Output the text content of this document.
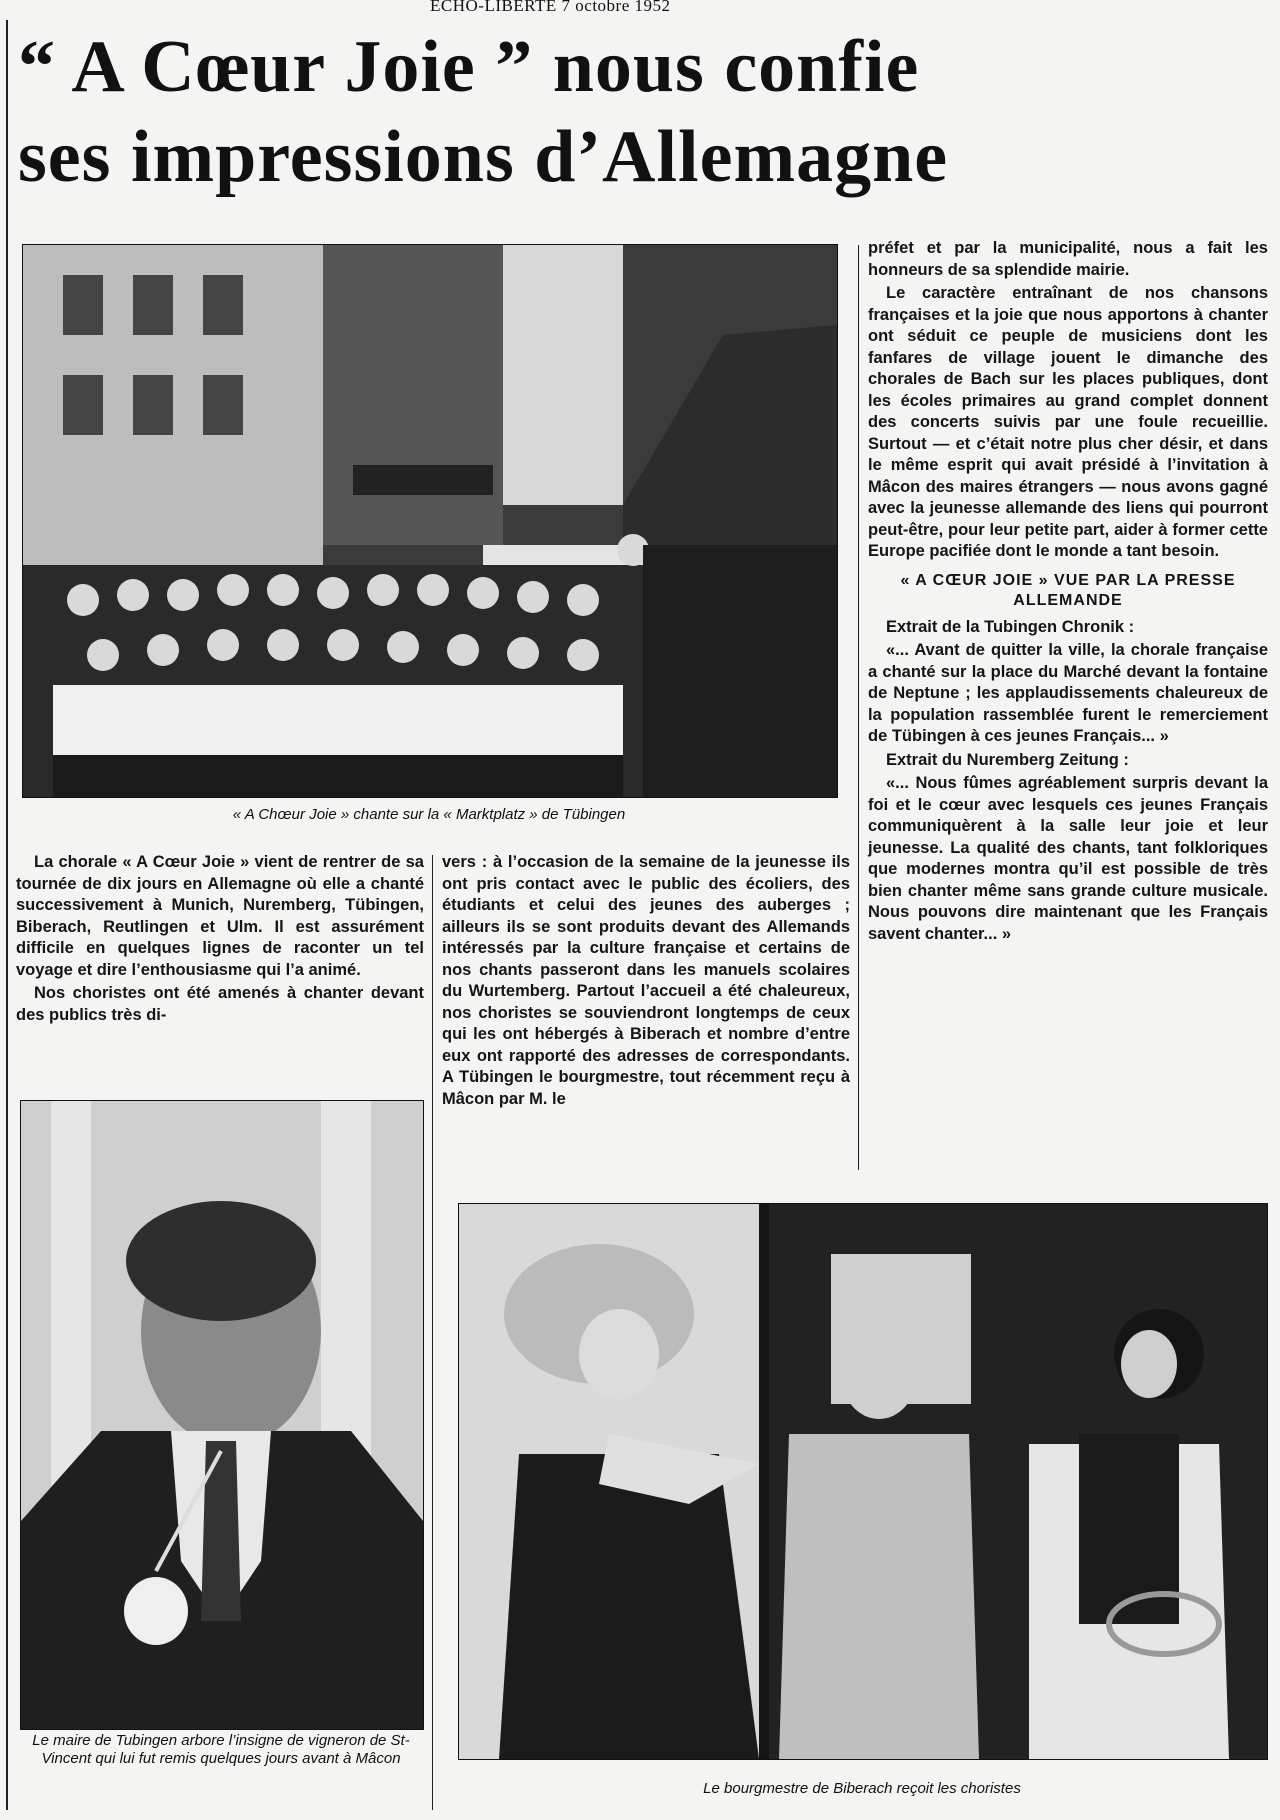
ECHO-LIBERTE 7 octobre 1952
“ A Cœur Joie ” nous confie
ses impressions d’Allemagne
« A Chœur Joie » chante sur la « Marktplatz » de Tübingen

La chorale « A Cœur Joie » vient de rentrer de sa tournée de dix jours en Allemagne où elle a chanté successivement à Munich, Nuremberg, Tübingen, Biberach, Reutlingen et Ulm. Il est assurément difficile en quelques lignes de raconter un tel voyage et dire l’enthousiasme qui l’a animé.

Nos choristes ont été amenés à chanter devant des publics très di-

vers : à l’occasion de la semaine de la jeunesse ils ont pris contact avec le public des écoliers, des étudiants et celui des jeunes des auberges ; ailleurs ils se sont produits devant des Allemands intéressés par la culture française et certains de nos chants passeront dans les manuels scolaires du Wurtemberg. Partout l’accueil a été chaleureux, nos choristes se souviendront longtemps de ceux qui les ont hébergés à Biberach et nombre d’entre eux ont rapporté des adresses de correspondants. A Tübingen le bourgmestre, tout récemment reçu à Mâcon par M. le

préfet et par la municipalité, nous a fait les honneurs de sa splendide mairie.

Le caractère entraînant de nos chansons françaises et la joie que nous apportons à chanter ont séduit ce peuple de musiciens dont les fanfares de village jouent le dimanche des chorales de Bach sur les places publiques, dont les écoles primaires au grand complet donnent des concerts suivis par une foule recueillie. Surtout — et c’était notre plus cher désir, et dans le même esprit qui avait présidé à l’invitation à Mâcon des maires étrangers — nous avons gagné avec la jeunesse allemande des liens qui pourront peut-être, pour leur petite part, aider à former cette Europe pacifiée dont le monde a tant besoin.

« A CŒUR JOIE » VUE PAR LA PRESSE ALLEMANDE

Extrait de la Tubingen Chronik :

«... Avant de quitter la ville, la chorale française a chanté sur la place du Marché devant la fontaine de Neptune ; les applaudissements chaleureux de la population rassemblée furent le remerciement de Tübingen à ces jeunes Français... »

Extrait du Nuremberg Zeitung :

«... Nous fûmes agréablement surpris devant la foi et le cœur avec lesquels ces jeunes Français communiquèrent à la salle leur joie et leur jeunesse. La qualité des chants, tant folkloriques que modernes montra qu’il est possible de très bien chanter même sans grande culture musicale. Nous pouvons dire maintenant que les Français savent chanter... »

Le maire de Tubingen arbore l’insigne de vigneron de St-Vincent qui lui fut remis quelques jours avant à Mâcon
Le bourgmestre de Biberach reçoit les choristes
